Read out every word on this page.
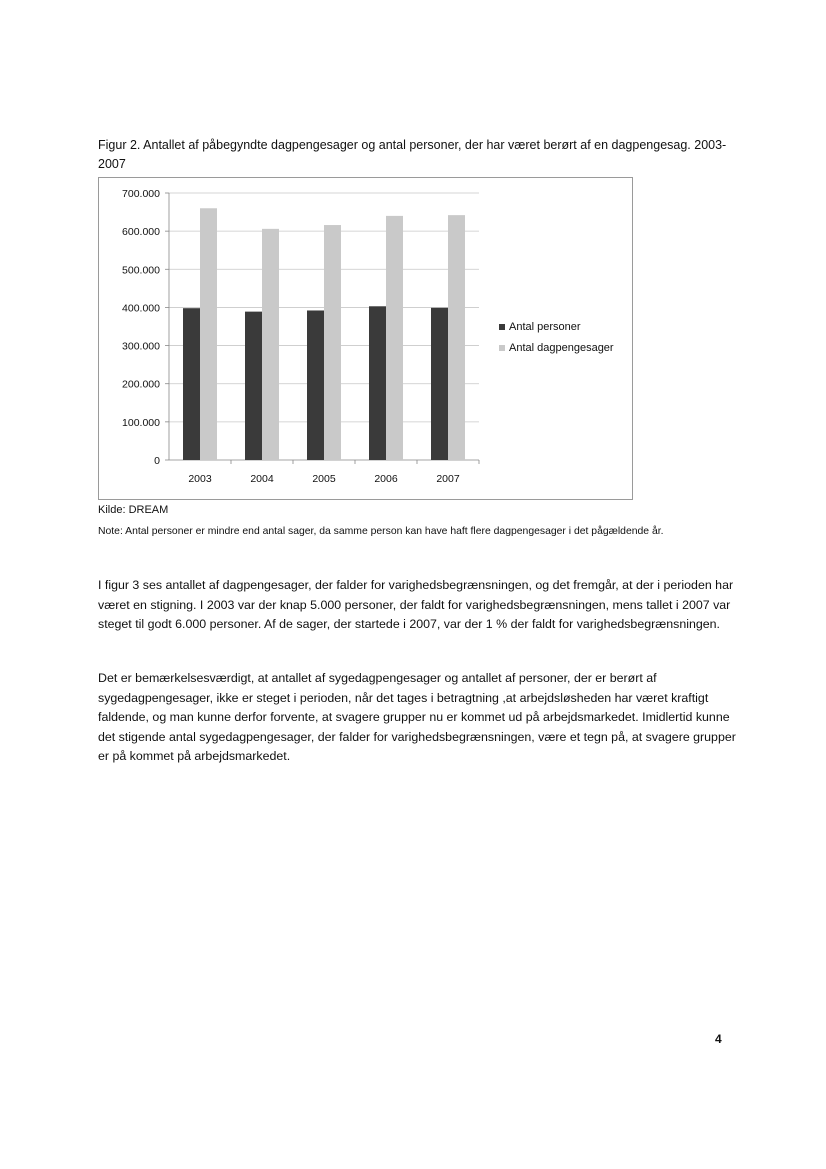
Figur 2. Antallet af påbegyndte dagpengesager og antal personer, der har været berørt af en dagpengesag. 2003-2007
0
100.000
200.000
300.000
400.000
500.000
600.000
700.000
2003	2004	2005	2006	2007
Antal personer
Antal dagpengesager
Kilde: DREAM
Note: Antal personer er mindre end antal sager, da samme person kan have haft flere dagpengesager i det pågældende år.

I figur 3 ses antallet af dagpengesager, der falder for varighedsbegrænsningen, og det fremgår, at der i perioden har været en stigning. I 2003 var der knap 5.000 personer, der faldt for varighedsbegrænsningen, mens tallet i 2007 var steget til godt 6.000 personer. Af de sager, der startede i 2007, var der 1 % der faldt for varighedsbegrænsningen.

Det er bemærkelsesværdigt, at antallet af sygedagpengesager og antallet af personer, der er berørt af sygedagpengesager, ikke er steget i perioden, når det tages i betragtning ,at arbejdsløsheden har været kraftigt faldende, og man kunne derfor forvente, at svagere grupper nu er kommet ud på arbejdsmarkedet. Imidlertid kunne det stigende antal sygedagpengesager, der falder for varighedsbegrænsningen, være et tegn på, at svagere grupper er på kommet på arbejdsmarkedet.

4
